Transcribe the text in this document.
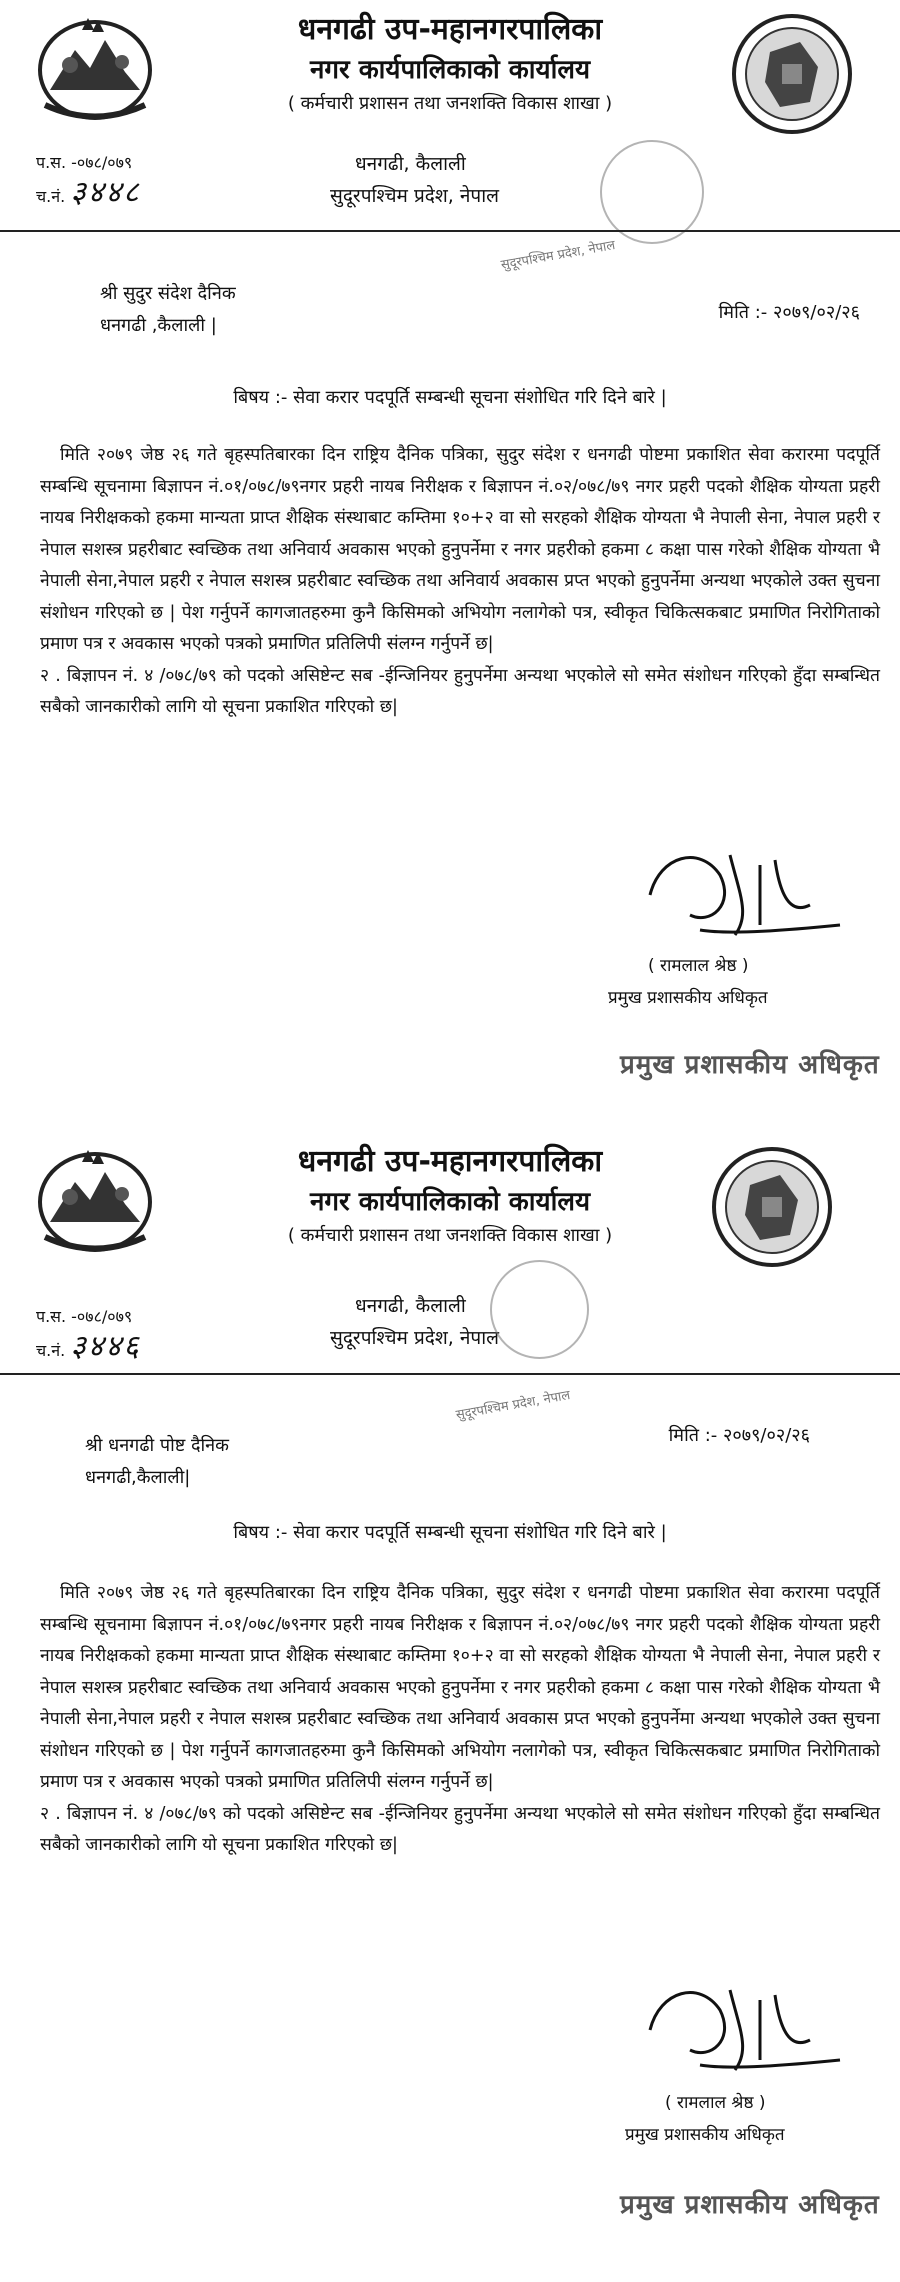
धनगढी उप-महानगरपालिका
नगर कार्यपालिकाको कार्यालय
( कर्मचारी प्रशासन तथा जनशक्ति विकास शाखा )
प.स. -०७८/०७९
च.नं. ३४४८
धनगढी, कैलाली
सुदूरपश्चिम प्रदेश, नेपाल
सुदूरपश्चिम प्रदेश, नेपाल
श्री सुदुर संदेश दैनिक
धनगढी ,कैलाली |
मिति :- २०७९/०२/२६
बिषय :- सेवा करार पदपूर्ति सम्बन्धी सूचना संशोधित गरि दिने बारे |

मिति २०७९ जेष्ठ २६ गते बृहस्पतिबारका दिन राष्ट्रिय दैनिक पत्रिका, सुदुर संदेश र धनगढी पोष्टमा प्रकाशित सेवा करारमा पदपूर्ति सम्बन्धि सूचनामा बिज्ञापन नं.०१/०७८/७९नगर प्रहरी नायब निरीक्षक र बिज्ञापन नं.०२/०७८/७९ नगर प्रहरी पदको शैक्षिक योग्यता प्रहरी नायब निरीक्षकको हकमा मान्यता प्राप्त शैक्षिक संस्थाबाट कम्तिमा १०+२ वा सो सरहको शैक्षिक योग्यता भै नेपाली सेना, नेपाल प्रहरी र नेपाल सशस्त्र प्रहरीबाट स्वच्छिक तथा अनिवार्य अवकास भएको हुनुपर्नेमा र नगर प्रहरीको हकमा ८ कक्षा पास गरेको शैक्षिक योग्यता भै नेपाली सेना,नेपाल प्रहरी र नेपाल सशस्त्र प्रहरीबाट स्वच्छिक तथा अनिवार्य अवकास प्रप्त भएको हुनुपर्नेमा अन्यथा भएकोले उक्त सुचना संशोधन गरिएको छ | पेश गर्नुपर्ने कागजातहरुमा कुनै किसिमको अभियोग नलागेको पत्र, स्वीकृत चिकित्सकबाट प्रमाणित निरोगिताको प्रमाण पत्र र अवकास भएको पत्रको प्रमाणित प्रतिलिपी संलग्न गर्नुपर्ने छ|

२ . बिज्ञापन नं. ४ /०७८/७९ को पदको असिष्टेन्ट सब -ईन्जिनियर हुनुपर्नेमा अन्यथा भएकोले सो समेत संशोधन गरिएको हुँदा सम्बन्धित सबैको जानकारीको लागि यो सूचना प्रकाशित गरिएको छ|

( रामलाल श्रेष्ठ )
प्रमुख प्रशासकीय अधिकृत
प्रमुख प्रशासकीय अधिकृत
धनगढी उप-महानगरपालिका
नगर कार्यपालिकाको कार्यालय
( कर्मचारी प्रशासन तथा जनशक्ति विकास शाखा )
प.स. -०७८/०७९
च.नं. ३४४६
धनगढी, कैलाली
सुदूरपश्चिम प्रदेश, नेपाल
सुदूरपश्चिम प्रदेश, नेपाल
श्री धनगढी पोष्ट दैनिक
धनगढी,कैलाली|
मिति :- २०७९/०२/२६
बिषय :- सेवा करार पदपूर्ति सम्बन्धी सूचना संशोधित गरि दिने बारे |

मिति २०७९ जेष्ठ २६ गते बृहस्पतिबारका दिन राष्ट्रिय दैनिक पत्रिका, सुदुर संदेश र धनगढी पोष्टमा प्रकाशित सेवा करारमा पदपूर्ति सम्बन्धि सूचनामा बिज्ञापन नं.०१/०७८/७९नगर प्रहरी नायब निरीक्षक र बिज्ञापन नं.०२/०७८/७९ नगर प्रहरी पदको शैक्षिक योग्यता प्रहरी नायब निरीक्षकको हकमा मान्यता प्राप्त शैक्षिक संस्थाबाट कम्तिमा १०+२ वा सो सरहको शैक्षिक योग्यता भै नेपाली सेना, नेपाल प्रहरी र नेपाल सशस्त्र प्रहरीबाट स्वच्छिक तथा अनिवार्य अवकास भएको हुनुपर्नेमा र नगर प्रहरीको हकमा ८ कक्षा पास गरेको शैक्षिक योग्यता भै नेपाली सेना,नेपाल प्रहरी र नेपाल सशस्त्र प्रहरीबाट स्वच्छिक तथा अनिवार्य अवकास प्रप्त भएको हुनुपर्नेमा अन्यथा भएकोले उक्त सुचना संशोधन गरिएको छ | पेश गर्नुपर्ने कागजातहरुमा कुनै किसिमको अभियोग नलागेको पत्र, स्वीकृत चिकित्सकबाट प्रमाणित निरोगिताको प्रमाण पत्र र अवकास भएको पत्रको प्रमाणित प्रतिलिपी संलग्न गर्नुपर्ने छ|

२ . बिज्ञापन नं. ४ /०७८/७९ को पदको असिष्टेन्ट सब -ईन्जिनियर हुनुपर्नेमा अन्यथा भएकोले सो समेत संशोधन गरिएको हुँदा सम्बन्धित सबैको जानकारीको लागि यो सूचना प्रकाशित गरिएको छ|

( रामलाल श्रेष्ठ )
प्रमुख प्रशासकीय अधिकृत
प्रमुख प्रशासकीय अधिकृत
